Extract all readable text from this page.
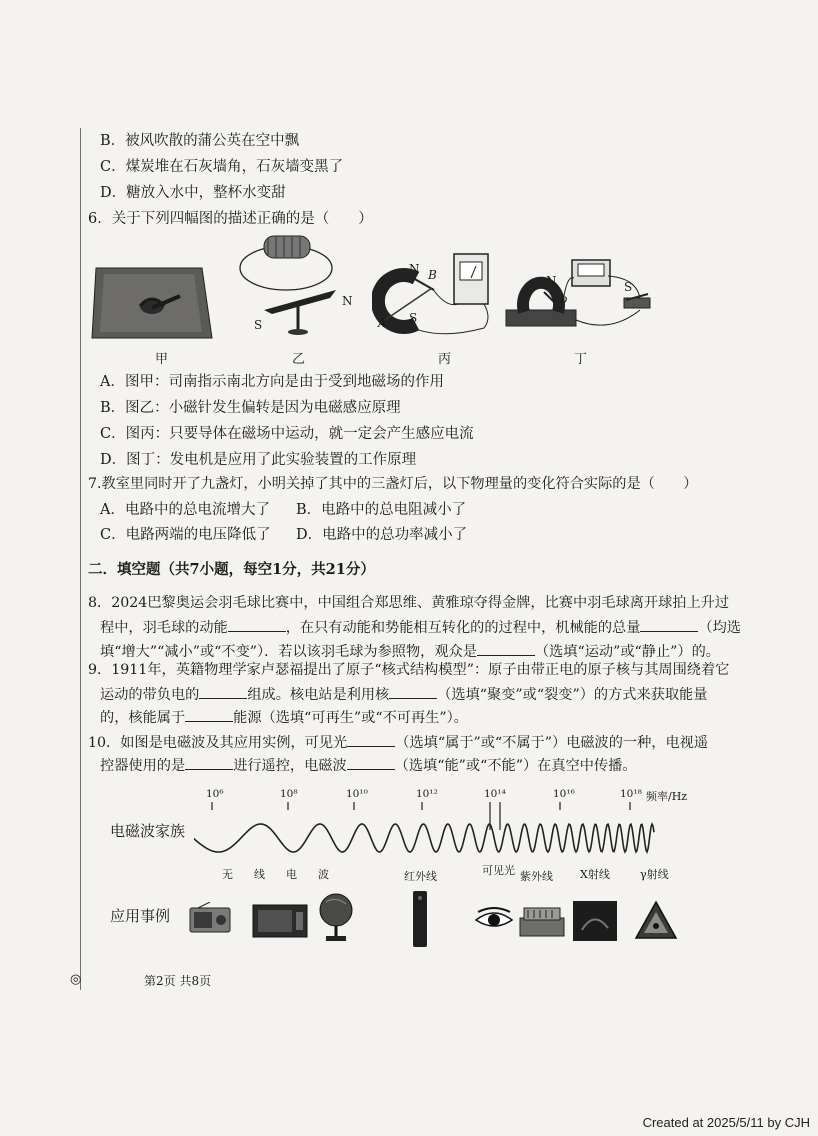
B．被风吹散的蒲公英在空中飘
C．煤炭堆在石灰墙角，石灰墙变黑了
D．糖放入水中，整杯水变甜
6．关于下列四幅图的描述正确的是（　　）
S
N
N B
A S
N
b
S
甲	乙	丙	丁
A．图甲：司南指示南北方向是由于受到地磁场的作用
B．图乙：小磁针发生偏转是因为电磁感应原理
C．图丙：只要导体在磁场中运动，就一定会产生感应电流
D．图丁：发电机是应用了此实验装置的工作原理
7.教室里同时开了九盏灯，小明关掉了其中的三盏灯后，以下物理量的变化符合实际的是（　　）
A．电路中的总电流增大了 B．电路中的总电阻减小了
C．电路两端的电压降低了 D．电路中的总功率减小了
二．填空题（共7小题，每空1分，共21分）
8．2024巴黎奥运会羽毛球比赛中，中国组合郑思维、黄雅琼夺得金牌，比赛中羽毛球离开球拍上升过
程中，羽毛球的动能	，在只有动能和势能相互转化的的过程中，机械能的总量	（均选
填“增大”“减小”或“不变”）．若以该羽毛球为参照物，观众是	（选填“运动”或“静止”）的。
9．1911年，英籍物理学家卢瑟福提出了原子“核式结构模型”：原子由带正电的原子核与其周围绕着它
运动的带负电的	组成。核电站是利用核	（选填“聚变”或“裂变”）的方式来获取能量
的，核能属于	能源（选填“可再生”或“不可再生”）。
10．如图是电磁波及其应用实例，可见光	（选填“属于”或“不属于”）电磁波的一种，电视遥
控器使用的是	进行遥控，电磁波	（选填“能”或“不能”）在真空中传播。
电磁波家族
应用事例
10⁶	10⁸	10¹⁰	10¹²	10¹⁴	10¹⁶	10¹⁸ 频率/Hz
无 线 电 波	红外线	可见光 紫外线 X射线	γ射线
◎	第2页 共8页
Created at 2025/5/11 by CJH
